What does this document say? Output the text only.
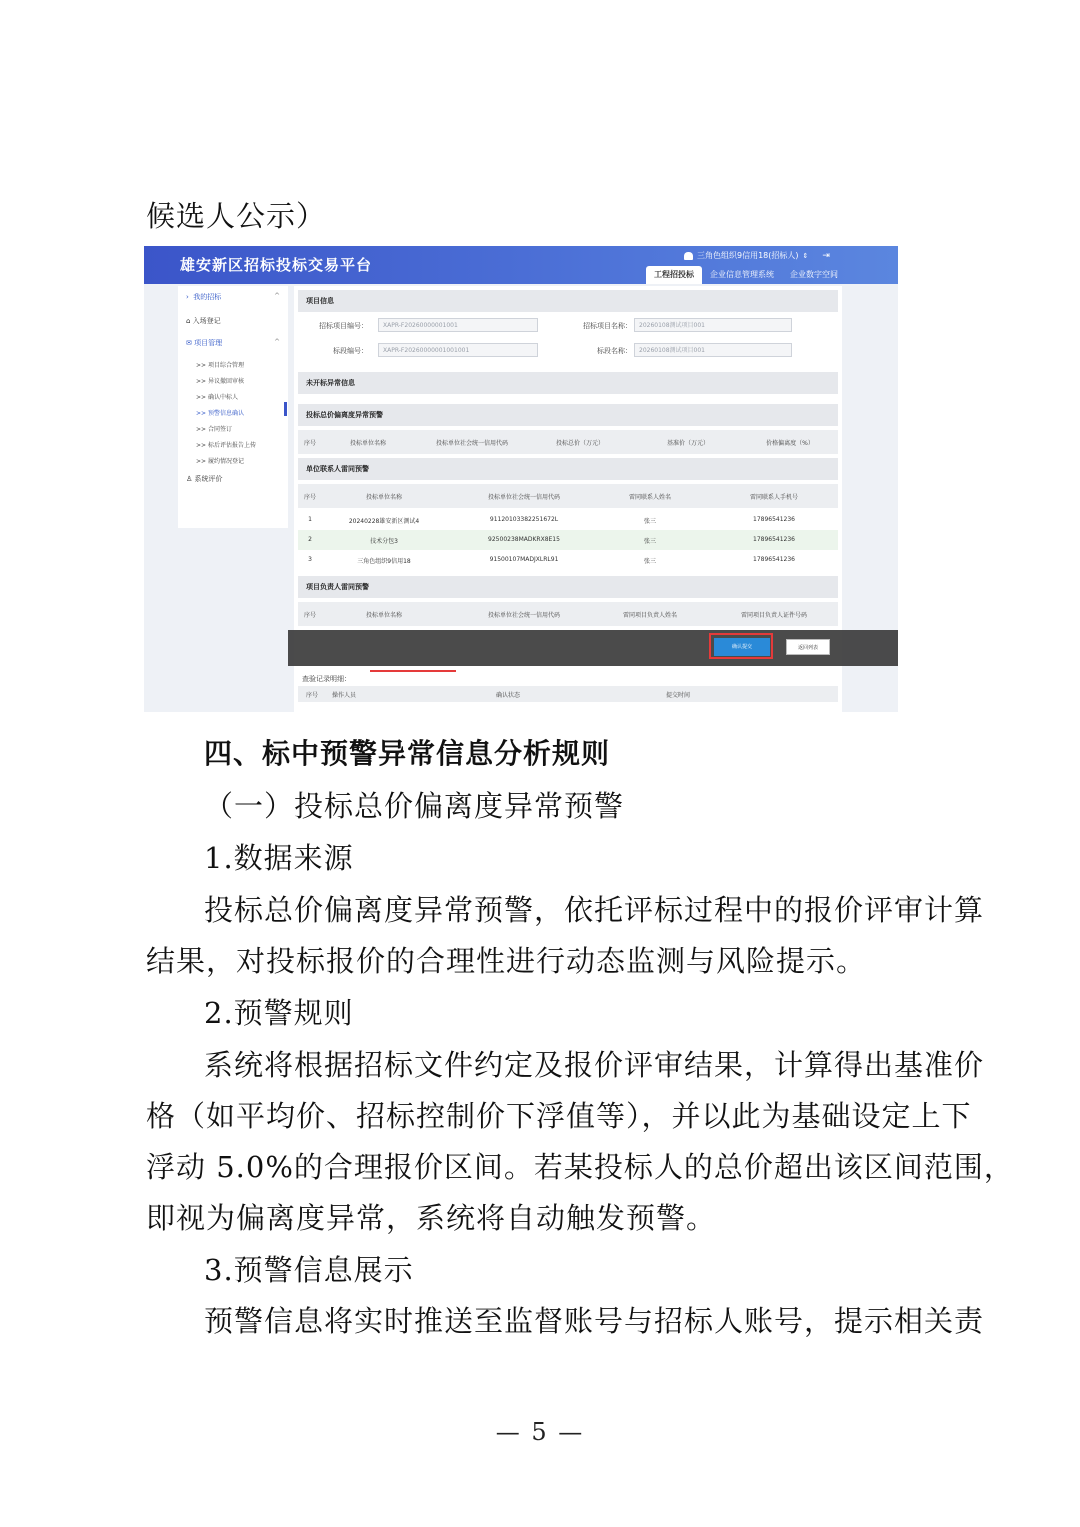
候选人公示）
雄安新区招标投标交易平台
三角色组织9信用18(招标人) ⇕ ⇥
工程招投标	企业信息管理系统	企业数字空间
›  我的招标	^
⌂ 入场登记
✉ 项目管理	^
>> 项目综合管理
>> 异议撤回审核
>> 确认中标人
>> 预警信息确认
>> 合同签订
>> 标后评估报告上传
>> 履约情况登记
♙ 系统评价
项目信息
招标项目编号：	XAPR-F20260000001001	招标项目名称：	20260108测试项目001
标段编号：	XAPR-F20260000001001001	标段名称：	20260108测试项目001
未开标异常信息
投标总价偏离度异常预警
序号	投标单位名称	投标单位社会统一信用代码	投标总价（万元）	基准价（万元）	价格偏离度（%）
单位联系人雷同预警
序号	投标单位名称	投标单位社会统一信用代码	雷同联系人姓名	雷同联系人手机号
1	20240228雄安新区测试4	91120103382251672L	张三	17896541236
2	技术分包3	92500238MADKRX8E15	张三	17896541236
3	三角色组织9信用18	91500107MADJXLRL91	张三	17896541236
项目负责人雷同预警
序号	投标单位名称	投标单位社会统一信用代码	雷同项目负责人姓名	雷同项目负责人证件号码
查验记录明细：
序号 操作人员	确认状态	提交时间
确认提交	返回列表
四、标中预警异常信息分析规则
（一）投标总价偏离度异常预警
1.数据来源
投标总价偏离度异常预警，依托评标过程中的报价评审计算
结果，对投标报价的合理性进行动态监测与风险提示。
2.预警规则
系统将根据招标文件约定及报价评审结果，计算得出基准价
格（如平均价、招标控制价下浮值等），并以此为基础设定上下
浮动 5.0%的合理报价区间。若某投标人的总价超出该区间范围，
即视为偏离度异常，系统将自动触发预警。
3.预警信息展示
预警信息将实时推送至监督账号与招标人账号，提示相关责
— 5 —
